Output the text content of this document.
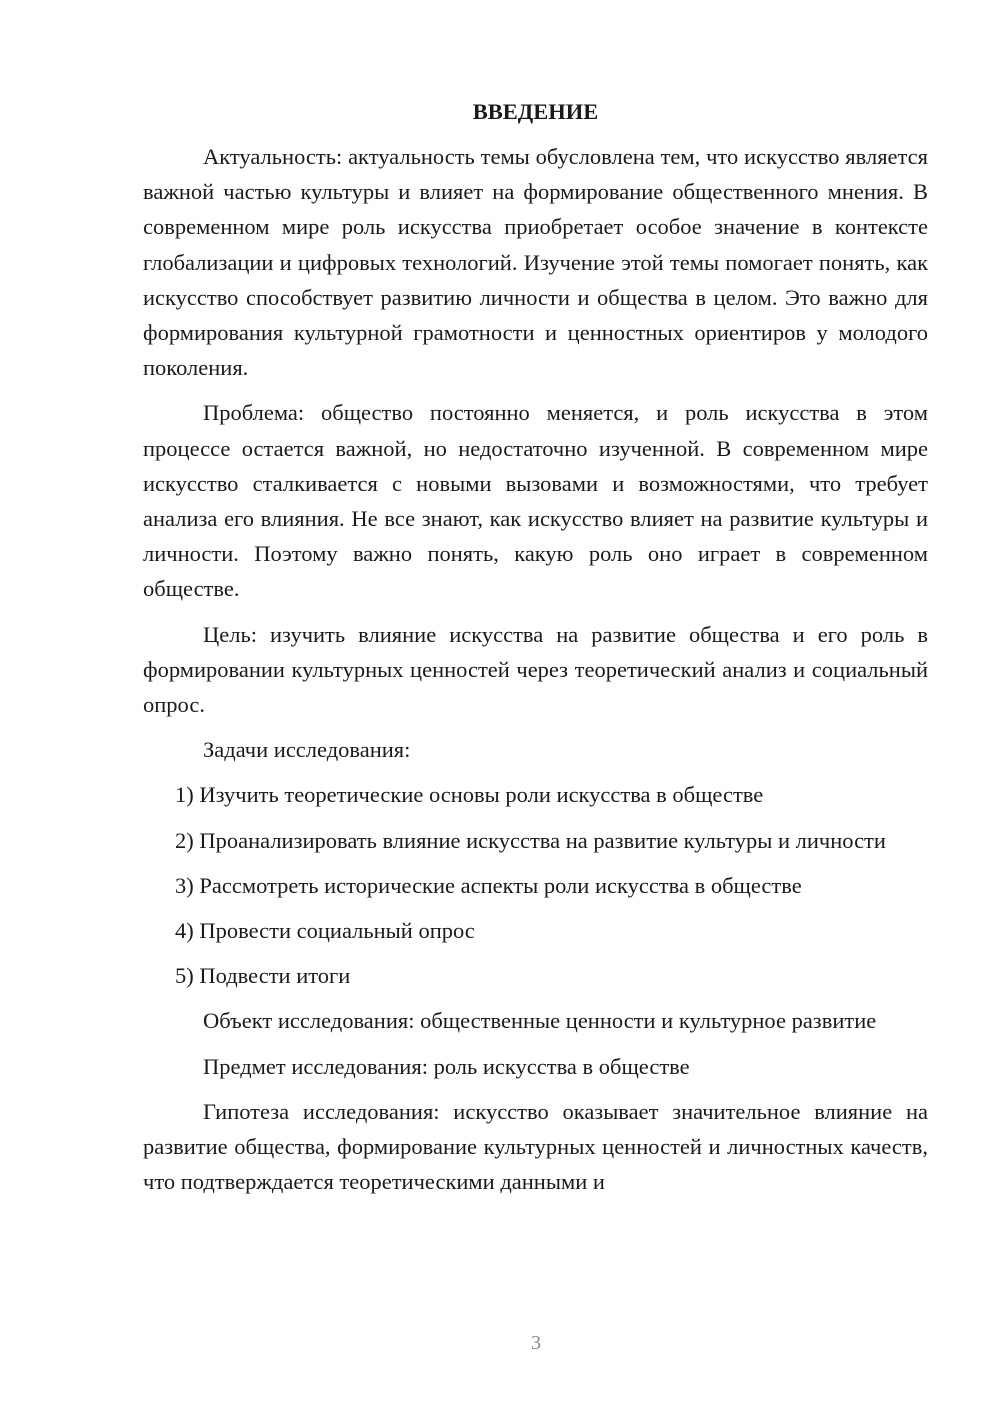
ВВЕДЕНИЕ

Актуальность: актуальность темы обусловлена тем, что искусство является важной частью культуры и влияет на формирование общественного мнения. В современном мире роль искусства приобретает особое значение в контексте глобализации и цифровых технологий. Изучение этой темы помогает понять, как искусство способствует развитию личности и общества в целом. Это важно для формирования культурной грамотности и ценностных ориентиров у молодого поколения.

Проблема: общество постоянно меняется, и роль искусства в этом процессе остается важной, но недостаточно изученной. В современном мире искусство сталкивается с новыми вызовами и возможностями, что требует анализа его влияния. Не все знают, как искусство влияет на развитие культуры и личности. Поэтому важно понять, какую роль оно играет в современном обществе.

Цель: изучить влияние искусства на развитие общества и его роль в формировании культурных ценностей через теоретический анализ и социальный опрос.

Задачи исследования:

1) Изучить теоретические основы роли искусства в обществе

2) Проанализировать влияние искусства на развитие культуры и личности

3) Рассмотреть исторические аспекты роли искусства в обществе

4) Провести социальный опрос

5) Подвести итоги

Объект исследования: общественные ценности и культурное развитие

Предмет исследования: роль искусства в обществе

Гипотеза исследования: искусство оказывает значительное влияние на развитие общества, формирование культурных ценностей и личностных качеств, что подтверждается теоретическими данными и

3
